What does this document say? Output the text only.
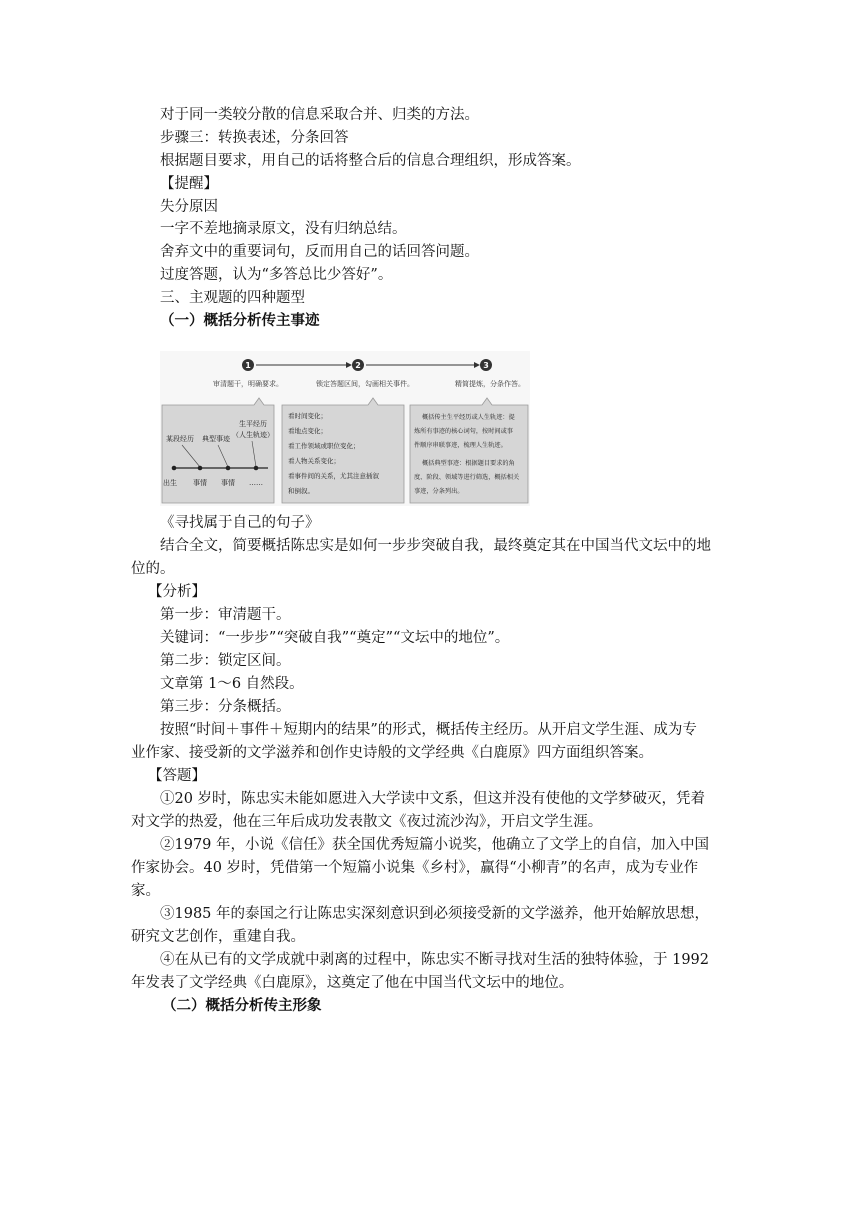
对于同一类较分散的信息采取合并、归类的方法。
步骤三：转换表述，分条回答
根据题目要求，用自己的话将整合后的信息合理组织，形成答案。
【提醒】
失分原因
一字不差地摘录原文，没有归纳总结。
舍弃文中的重要词句，反而用自己的话回答问题。
过度答题，认为“多答总比少答好”。
三、主观题的四种题型
（一）概括分析传主事迹
1	2	3
审清题干，明确要求。	锁定答题区间，勾画相关事件。	精简提炼，分条作答。
生平经历
（人生轨迹）
某段经历 典型事迹
出生 事情 事情 ……
看时间变化；
看地点变化；
看工作领域或职位变化；
看人物关系变化；
看事件间的关系，尤其注意插叙
和倒叙。
概括传主生平经历或人生轨迹：提
炼所有事迹的核心词句，按时间或事
件顺序串联事迹，梳理人生轨迹。
概括典型事迹：根据题目要求的角
度、阶段、领域等进行筛选，概括相关
事迹，分条列出。
《寻找属于自己的句子》
结合全文，简要概括陈忠实是如何一步步突破自我，最终奠定其在中国当代文坛中的地
位的。
【分析】
第一步：审清题干。
关键词：“一步步”“突破自我”“奠定”“文坛中的地位”。
第二步：锁定区间。
文章第 1～6 自然段。
第三步：分条概括。
按照“时间＋事件＋短期内的结果”的形式，概括传主经历。从开启文学生涯、成为专
业作家、接受新的文学滋养和创作史诗般的文学经典《白鹿原》四方面组织答案。
【答题】
①20 岁时，陈忠实未能如愿进入大学读中文系，但这并没有使他的文学梦破灭，凭着
对文学的热爱，他在三年后成功发表散文《夜过流沙沟》，开启文学生涯。
②1979 年，小说《信任》获全国优秀短篇小说奖，他确立了文学上的自信，加入中国
作家协会。40 岁时，凭借第一个短篇小说集《乡村》，赢得“小柳青”的名声，成为专业作
家。
③1985 年的泰国之行让陈忠实深刻意识到必须接受新的文学滋养，他开始解放思想，
研究文艺创作，重建自我。
④在从已有的文学成就中剥离的过程中，陈忠实不断寻找对生活的独特体验，于 1992
年发表了文学经典《白鹿原》，这奠定了他在中国当代文坛中的地位。
（二）概括分析传主形象
